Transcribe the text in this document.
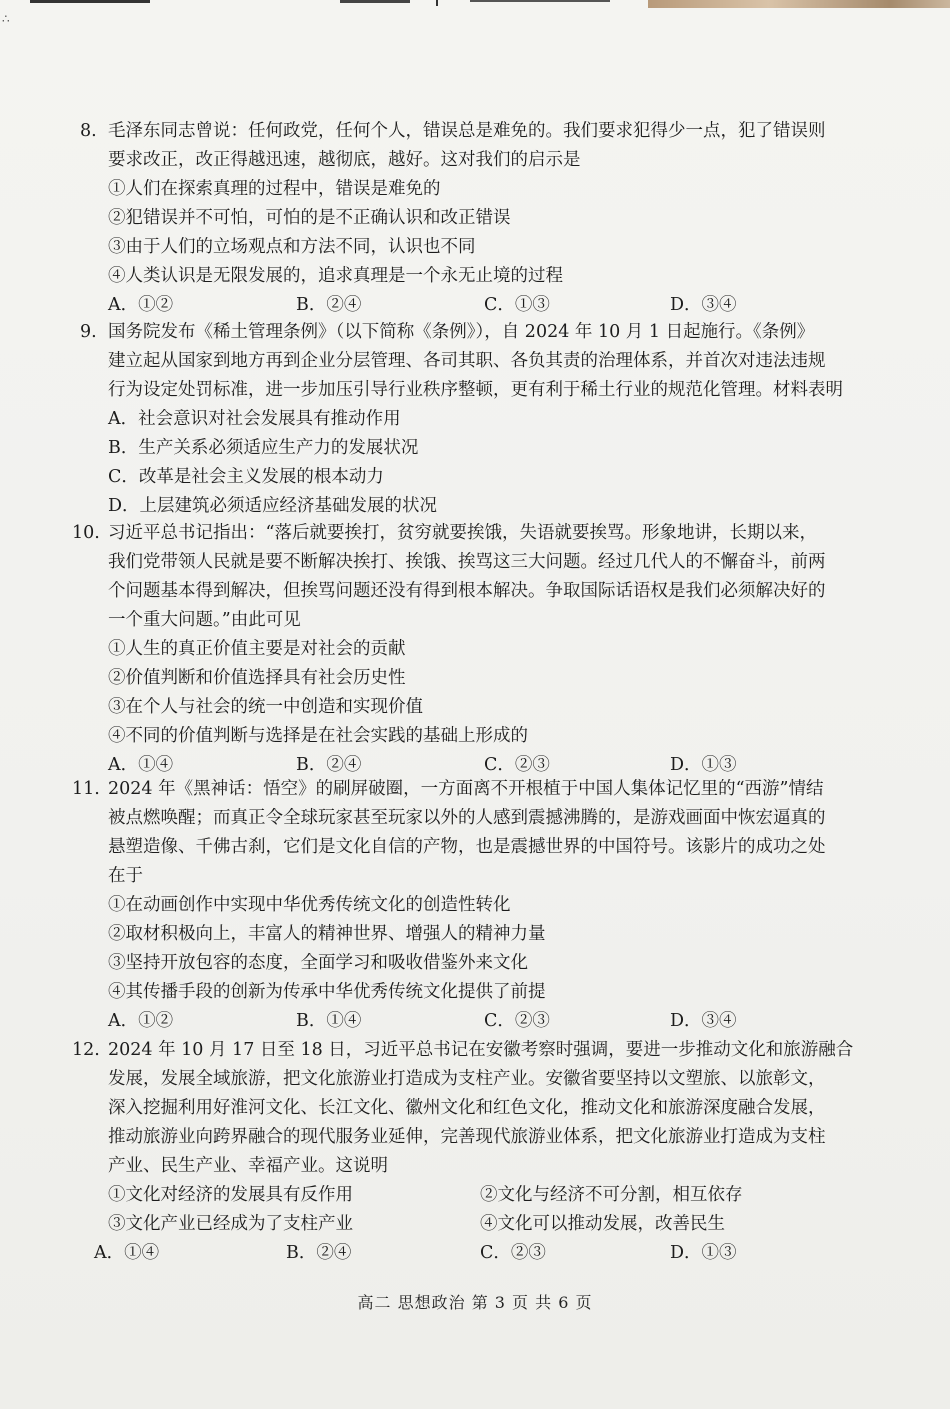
∴
8. 毛泽东同志曾说：任何政党，任何个人，错误总是难免的。我们要求犯得少一点，犯了错误则
要求改正，改正得越迅速，越彻底，越好。这对我们的启示是
①人们在探索真理的过程中，错误是难免的
②犯错误并不可怕，可怕的是不正确认识和改正错误
③由于人们的立场观点和方法不同，认识也不同
④人类认识是无限发展的，追求真理是一个永无止境的过程
A．①②	B．②④	C．①③	D．③④
9. 国务院发布《稀土管理条例》（以下简称《条例》），自 2024 年 10 月 1 日起施行。《条例》
建立起从国家到地方再到企业分层管理、各司其职、各负其责的治理体系，并首次对违法违规
行为设定处罚标准，进一步加压引导行业秩序整顿，更有利于稀土行业的规范化管理。材料表明
A．社会意识对社会发展具有推动作用
B．生产关系必须适应生产力的发展状况
C．改革是社会主义发展的根本动力
D．上层建筑必须适应经济基础发展的状况
10. 习近平总书记指出：“落后就要挨打，贫穷就要挨饿，失语就要挨骂。形象地讲，长期以来，
我们党带领人民就是要不断解决挨打、挨饿、挨骂这三大问题。经过几代人的不懈奋斗，前两
个问题基本得到解决，但挨骂问题还没有得到根本解决。争取国际话语权是我们必须解决好的
一个重大问题。”由此可见
①人生的真正价值主要是对社会的贡献
②价值判断和价值选择具有社会历史性
③在个人与社会的统一中创造和实现价值
④不同的价值判断与选择是在社会实践的基础上形成的
A．①④	B．②④	C．②③	D．①③
11. 2024 年《黑神话：悟空》的刷屏破圈，一方面离不开根植于中国人集体记忆里的“西游”情结
被点燃唤醒；而真正令全球玩家甚至玩家以外的人感到震撼沸腾的，是游戏画面中恢宏逼真的
悬塑造像、千佛古刹，它们是文化自信的产物，也是震撼世界的中国符号。该影片的成功之处
在于
①在动画创作中实现中华优秀传统文化的创造性转化
②取材积极向上，丰富人的精神世界、增强人的精神力量
③坚持开放包容的态度，全面学习和吸收借鉴外来文化
④其传播手段的创新为传承中华优秀传统文化提供了前提
A．①②	B．①④	C．②③	D．③④
12. 2024 年 10 月 17 日至 18 日，习近平总书记在安徽考察时强调，要进一步推动文化和旅游融合
发展，发展全域旅游，把文化旅游业打造成为支柱产业。安徽省要坚持以文塑旅、以旅彰文，
深入挖掘利用好淮河文化、长江文化、徽州文化和红色文化，推动文化和旅游深度融合发展，
推动旅游业向跨界融合的现代服务业延伸，完善现代旅游业体系，把文化旅游业打造成为支柱
产业、民生产业、幸福产业。这说明
①文化对经济的发展具有反作用	②文化与经济不可分割，相互依存
③文化产业已经成为了支柱产业	④文化可以推动发展，改善民生
A．①④	B．②④	C．②③	D．①③
高二 思想政治 第 3 页 共 6 页
